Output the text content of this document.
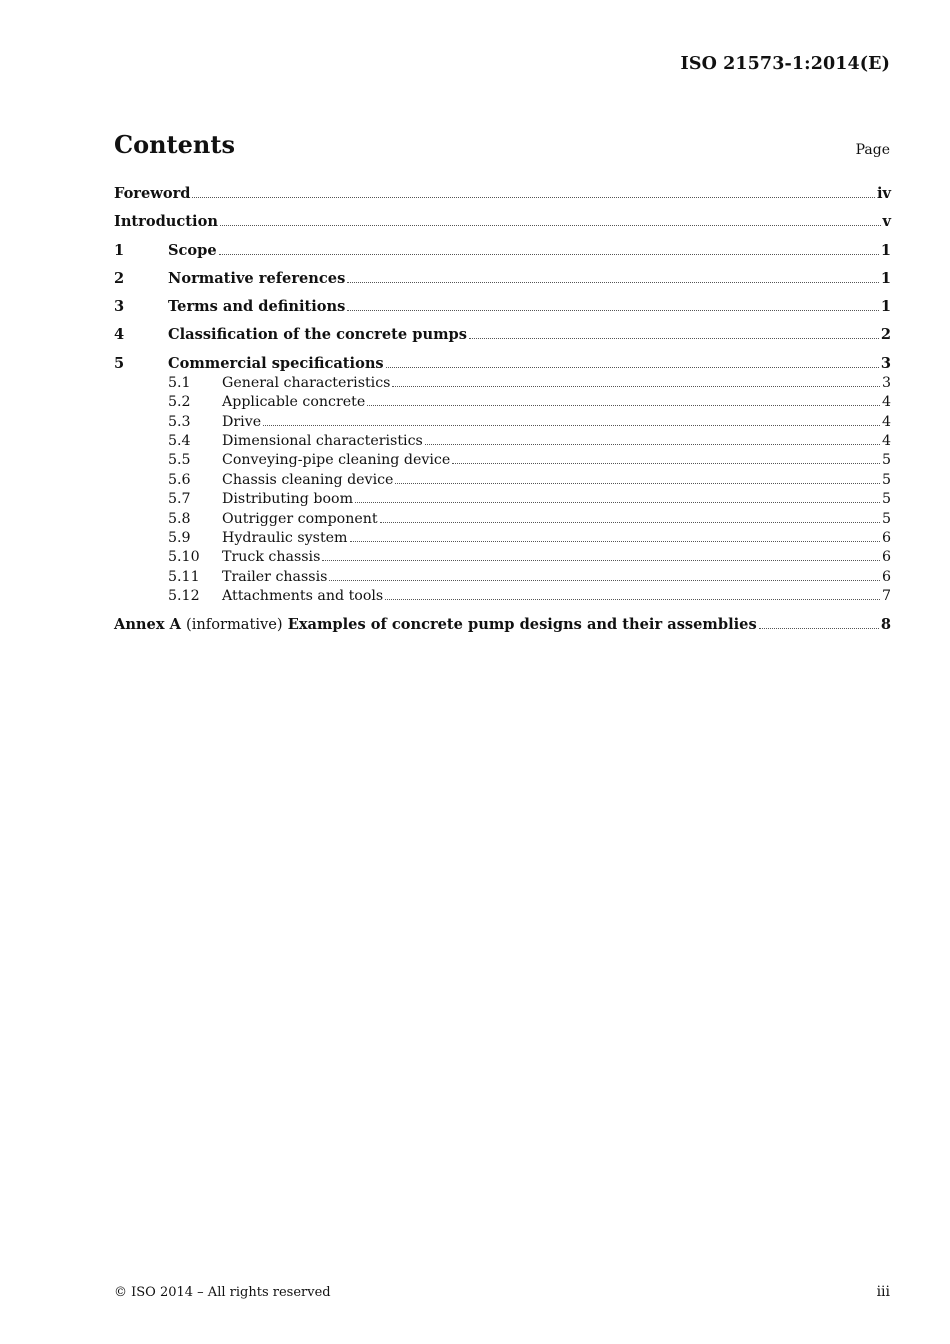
ISO 21573-1:2014(E)
Contents	Page
Foreword	iv
Introduction	v
1	Scope	1
2	Normative references	1
3	Terms and definitions	1
4	Classification of the concrete pumps	2
5	Commercial specifications	3
5.1	General characteristics	3
5.2	Applicable concrete	4
5.3	Drive	4
5.4	Dimensional characteristics	4
5.5	Conveying-pipe cleaning device	5
5.6	Chassis cleaning device	5
5.7	Distributing boom	5
5.8	Outrigger component	5
5.9	Hydraulic system	6
5.10	Truck chassis	6
5.11	Trailer chassis	6
5.12	Attachments and tools	7
Annex A (informative) Examples of concrete pump designs and their assemblies	8
© ISO 2014 – All rights reserved	iii
